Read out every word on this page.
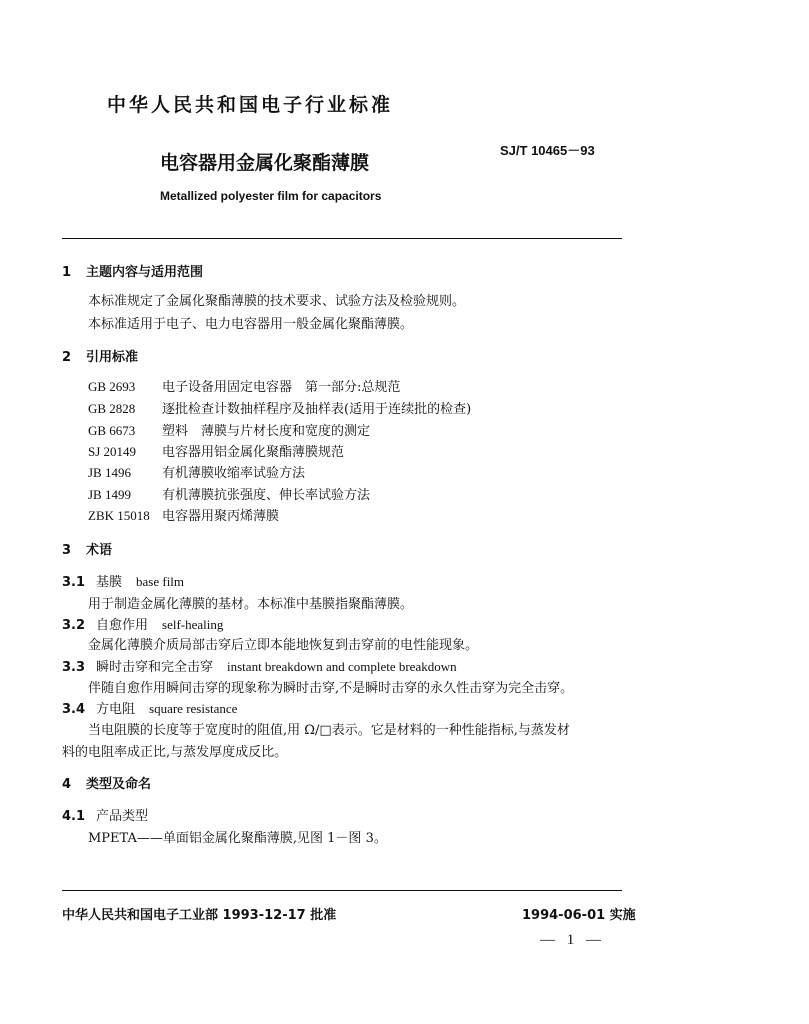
中华人民共和国电子行业标准
电容器用金属化聚酯薄膜
SJ/T 10465－93
Metallized polyester film for capacitors
1 主题内容与适用范围
本标准规定了金属化聚酯薄膜的技术要求、试验方法及检验规则。
本标准适用于电子、电力电容器用一般金属化聚酯薄膜。
2 引用标准
GB 2693 电子设备用固定电容器　第一部分:总规范
GB 2828 逐批检查计数抽样程序及抽样表(适用于连续批的检查)
GB 6673 塑料　薄膜与片材长度和宽度的测定
SJ 20149 电容器用铝金属化聚酯薄膜规范
JB 1496 有机薄膜收缩率试验方法
JB 1499 有机薄膜抗张强度、伸长率试验方法
ZBK 15018 电容器用聚丙烯薄膜
3 术语
3.1 基膜 base film
用于制造金属化薄膜的基材。本标准中基膜指聚酯薄膜。
3.2 自愈作用 self-healing
金属化薄膜介质局部击穿后立即本能地恢复到击穿前的电性能现象。
3.3 瞬时击穿和完全击穿 instant breakdown and complete breakdown
伴随自愈作用瞬间击穿的现象称为瞬时击穿,不是瞬时击穿的永久性击穿为完全击穿。
3.4 方电阻 square resistance
当电阻膜的长度等于宽度时的阻值,用 Ω/□表示。它是材料的一种性能指标,与蒸发材
料的电阻率成正比,与蒸发厚度成反比。
4 类型及命名
4.1 产品类型
MPETA——单面铝金属化聚酯薄膜,见图 1－图 3。
中华人民共和国电子工业部 1993-12-17 批准	1994-06-01 实施
— 1 —
